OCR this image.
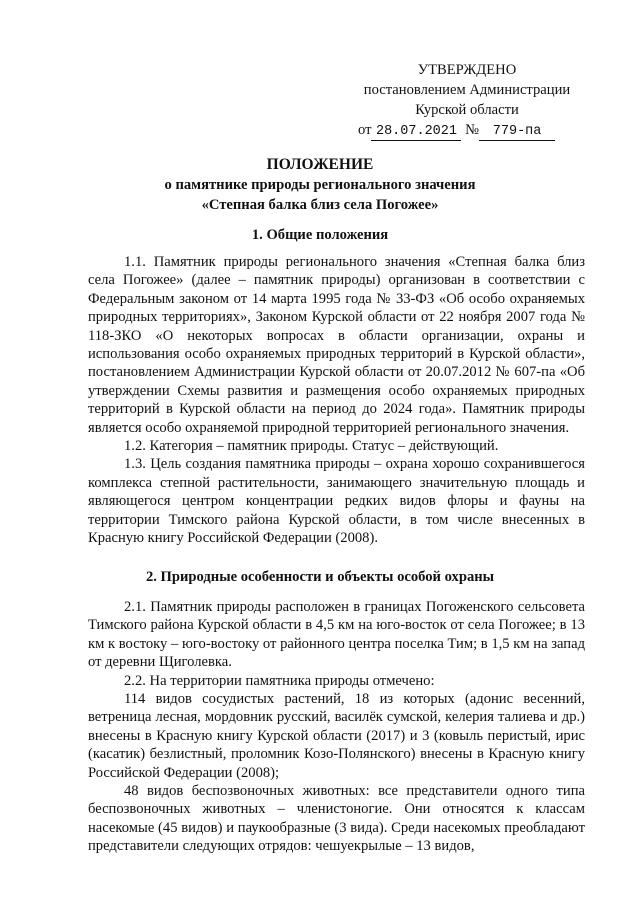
УТВЕРЖДЕНО
постановлением Администрации
Курской области
от 28.07.2021 № 779-па
ПОЛОЖЕНИЕ
о памятнике природы регионального значения
«Степная балка близ села Погожее»
1. Общие положения

1.1. Памятник природы регионального значения «Степная балка близ села Погожее» (далее – памятник природы) организован в соответствии с Федеральным законом от 14 марта 1995 года № 33-ФЗ «Об особо охраняемых природных территориях», Законом Курской области от 22 ноября 2007 года № 118-ЗКО «О некоторых вопросах в области организации, охраны и использования особо охраняемых природных территорий в Курской области», постановлением Администрации Курской области от 20.07.2012 № 607-па «Об утверждении Схемы развития и размещения особо охраняемых природных территорий в Курской области на период до 2024 года». Памятник природы является особо охраняемой природной территорией регионального значения.

1.2. Категория – памятник природы. Статус – действующий.

1.3. Цель создания памятника природы – охрана хорошо сохранившегося комплекса степной растительности, занимающего значительную площадь и являющегося центром концентрации редких видов флоры и фауны на территории Тимского района Курской области, в том числе внесенных в Красную книгу Российской Федерации (2008).

2. Природные особенности и объекты особой охраны

2.1. Памятник природы расположен в границах Погоженского сельсовета Тимского района Курской области в 4,5 км на юго-восток от села Погожее; в 13 км к востоку – юго-востоку от районного центра поселка Тим; в 1,5 км на запад от деревни Щиголевка.

2.2. На территории памятника природы отмечено:

114 видов сосудистых растений, 18 из которых (адонис весенний, ветреница лесная, мордовник русский, василёк сумской, келерия талиева и др.) внесены в Красную книгу Курской области (2017) и 3 (ковыль перистый, ирис (касатик) безлистный, проломник Козо-Полянского) внесены в Красную книгу Российской Федерации (2008);

48 видов беспозвоночных животных: все представители одного типа беспозвоночных животных – членистоногие. Они относятся к классам насекомые (45 видов) и паукообразные (3 вида). Среди насекомых преобладают представители следующих отрядов: чешуекрылые – 13 видов,
